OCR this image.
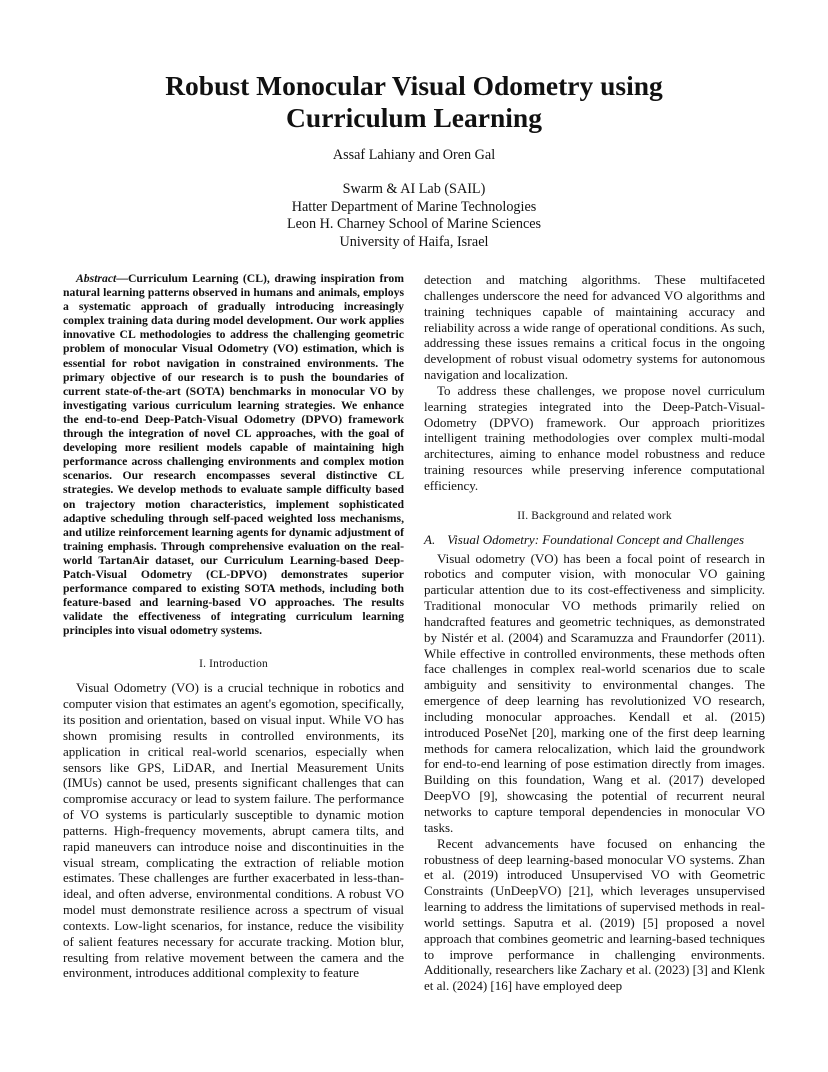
Robust Monocular Visual Odometry using
Curriculum Learning
Assaf Lahiany and Oren Gal
Swarm & AI Lab (SAIL)
Hatter Department of Marine Technologies
Leon H. Charney School of Marine Sciences
University of Haifa, Israel

Abstract—Curriculum Learning (CL), drawing inspiration from natural learning patterns observed in humans and animals, employs a systematic approach of gradually introducing increasingly complex training data during model development. Our work applies innovative CL methodologies to address the challenging geometric problem of monocular Visual Odometry (VO) estimation, which is essential for robot navigation in constrained environments. The primary objective of our research is to push the boundaries of current state-of-the-art (SOTA) benchmarks in monocular VO by investigating various curriculum learning strategies. We enhance the end-to-end Deep-Patch-Visual Odometry (DPVO) framework through the integration of novel CL approaches, with the goal of developing more resilient models capable of maintaining high performance across challenging environments and complex motion scenarios. Our research encompasses several distinctive CL strategies. We develop methods to evaluate sample difficulty based on trajectory motion characteristics, implement sophisticated adaptive scheduling through self-paced weighted loss mechanisms, and utilize reinforcement learning agents for dynamic adjustment of training emphasis. Through comprehensive evaluation on the real-world TartanAir dataset, our Curriculum Learning-based Deep-Patch-Visual Odometry (CL-DPVO) demonstrates superior performance compared to existing SOTA methods, including both feature-based and learning-based VO approaches. The results validate the effectiveness of integrating curriculum learning principles into visual odometry systems.

I. Introduction

Visual Odometry (VO) is a crucial technique in robotics and computer vision that estimates an agent's egomotion, specifically, its position and orientation, based on visual input. While VO has shown promising results in controlled environments, its application in critical real-world scenarios, especially when sensors like GPS, LiDAR, and Inertial Measurement Units (IMUs) cannot be used, presents significant challenges that can compromise accuracy or lead to system failure. The performance of VO systems is particularly susceptible to dynamic motion patterns. High-frequency movements, abrupt camera tilts, and rapid maneuvers can introduce noise and discontinuities in the visual stream, complicating the extraction of reliable motion estimates. These challenges are further exacerbated in less-than-ideal, and often adverse, environmental conditions. A robust VO model must demonstrate resilience across a spectrum of visual contexts. Low-light scenarios, for instance, reduce the visibility of salient features necessary for accurate tracking. Motion blur, resulting from relative movement between the camera and the environment, introduces additional complexity to feature

detection and matching algorithms. These multifaceted challenges underscore the need for advanced VO algorithms and training techniques capable of maintaining accuracy and reliability across a wide range of operational conditions. As such, addressing these issues remains a critical focus in the ongoing development of robust visual odometry systems for autonomous navigation and localization.

To address these challenges, we propose novel curriculum learning strategies integrated into the Deep-Patch-Visual-Odometry (DPVO) framework. Our approach prioritizes intelligent training methodologies over complex multi-modal architectures, aiming to enhance model robustness and reduce training resources while preserving inference computational efficiency.

II. Background and related work

A. Visual Odometry: Foundational Concept and Challenges

Visual odometry (VO) has been a focal point of research in robotics and computer vision, with monocular VO gaining particular attention due to its cost-effectiveness and simplicity. Traditional monocular VO methods primarily relied on handcrafted features and geometric techniques, as demonstrated by Nistér et al. (2004) and Scaramuzza and Fraundorfer (2011). While effective in controlled environments, these methods often face challenges in complex real-world scenarios due to scale ambiguity and sensitivity to environmental changes. The emergence of deep learning has revolutionized VO research, including monocular approaches. Kendall et al. (2015) introduced PoseNet [20], marking one of the first deep learning methods for camera relocalization, which laid the groundwork for end-to-end learning of pose estimation directly from images. Building on this foundation, Wang et al. (2017) developed DeepVO [9], showcasing the potential of recurrent neural networks to capture temporal dependencies in monocular VO tasks.

Recent advancements have focused on enhancing the robustness of deep learning-based monocular VO systems. Zhan et al. (2019) introduced Unsupervised VO with Geometric Constraints (UnDeepVO) [21], which leverages unsupervised learning to address the limitations of supervised methods in real-world settings. Saputra et al. (2019) [5] proposed a novel approach that combines geometric and learning-based techniques to improve performance in challenging environments. Additionally, researchers like Zachary et al. (2023) [3] and Klenk et al. (2024) [16] have employed deep
